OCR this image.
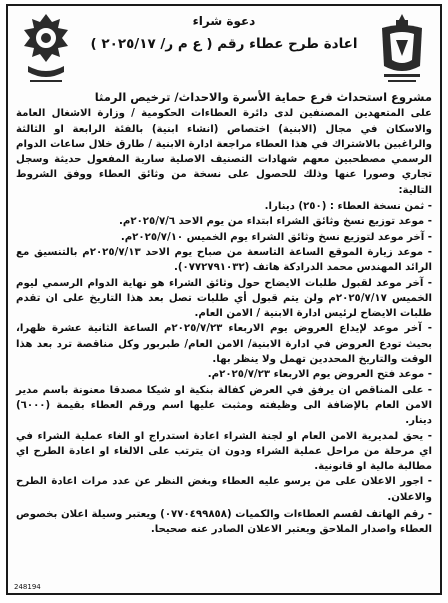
دعوة شراء
اعادة طرح عطاء رقم ( ع م ر/ ٢٠٢٥/١٧ )
مشروع استحداث فرع حماية الأسرة والاحداث/ ترخيص الرمثا
على المتعهدين المصنفين لدى دائرة العطاءات الحكومية / وزارة الاشغال العامة والاسكان في مجال (الابنية) اختصاص (انشاء ابنية) بالفئة الرابعة او الثالثة والراغبين بالاشتراك في هذا العطاء مراجعة ادارة الابنية / طارق خلال ساعات الدوام الرسمي مصطحبين معهم شهادات التصنيف الاصلية سارية المفعول حديثة وسجل تجاري وصورا عنها وذلك للحصول على نسخة من وثائق العطاء ووفق الشروط التالية:
- ثمن نسخة العطاء : (٢٥٠) دينارا.
- موعد توزيع نسخ وثائق الشراء ابتداء من يوم الاحد ٢٠٢٥/٧/٦م.
- آخر موعد لتوزيع نسخ وثائق الشراء يوم الخميس ٢٠٢٥/٧/١٠م.
- موعد زيارة الموقع الساعة التاسعة من صباح يوم الاحد ٢٠٢٥/٧/١٣م بالتنسيق مع الرائد المهندس محمد الدرادكة هاتف (٠٧٧٢٧٩١٠٣٢).
- آخر موعد لقبول طلبات الايضاح حول وثائق الشراء هو نهاية الدوام الرسمي ليوم الخميس ٢٠٢٥/٧/١٧م ولن يتم قبول أي طلبات تصل بعد هذا التاريخ على ان تقدم طلبات الايضاح لرئيس ادارة الابنية / الامن العام.
- آخر موعد لإيداع العروض يوم الاربعاء ٢٠٢٥/٧/٢٣م الساعة الثانية عشرة ظهرا، بحيث تودع العروض في ادارة الابنية/ الامن العام/ طبربور وكل مناقصة ترد بعد هذا الوقت والتاريخ المحددين تهمل ولا ينظر بها.
- موعد فتح العروض يوم الاربعاء ٢٠٢٥/٧/٢٣م.
- على المناقص ان يرفق في العرض كفالة بنكية او شيكا مصدقا معنونة باسم مدير الامن العام بالإضافة الى وظيفته ومثبت عليها اسم ورقم العطاء بقيمة (٦٠٠٠) دينار.
- يحق لمديرية الامن العام او لجنة الشراء اعادة استدراج او الغاء عملية الشراء في اي مرحلة من مراحل عملية الشراء ودون ان يترتب على الالغاء او اعادة الطرح اي مطالبة مالية او قانونية.
- اجور الاعلان على من يرسو عليه العطاء وبغض النظر عن عدد مرات اعادة الطرح والاعلان.
- رقم الهاتف لقسم العطاءات والكميات (٠٧٧٠٤٩٩٨٥٨) ويعتبر وسيلة اعلان بخصوص العطاء واصدار الملاحق ويعتبر الاعلان الصادر عنه صحيحا.
248194
